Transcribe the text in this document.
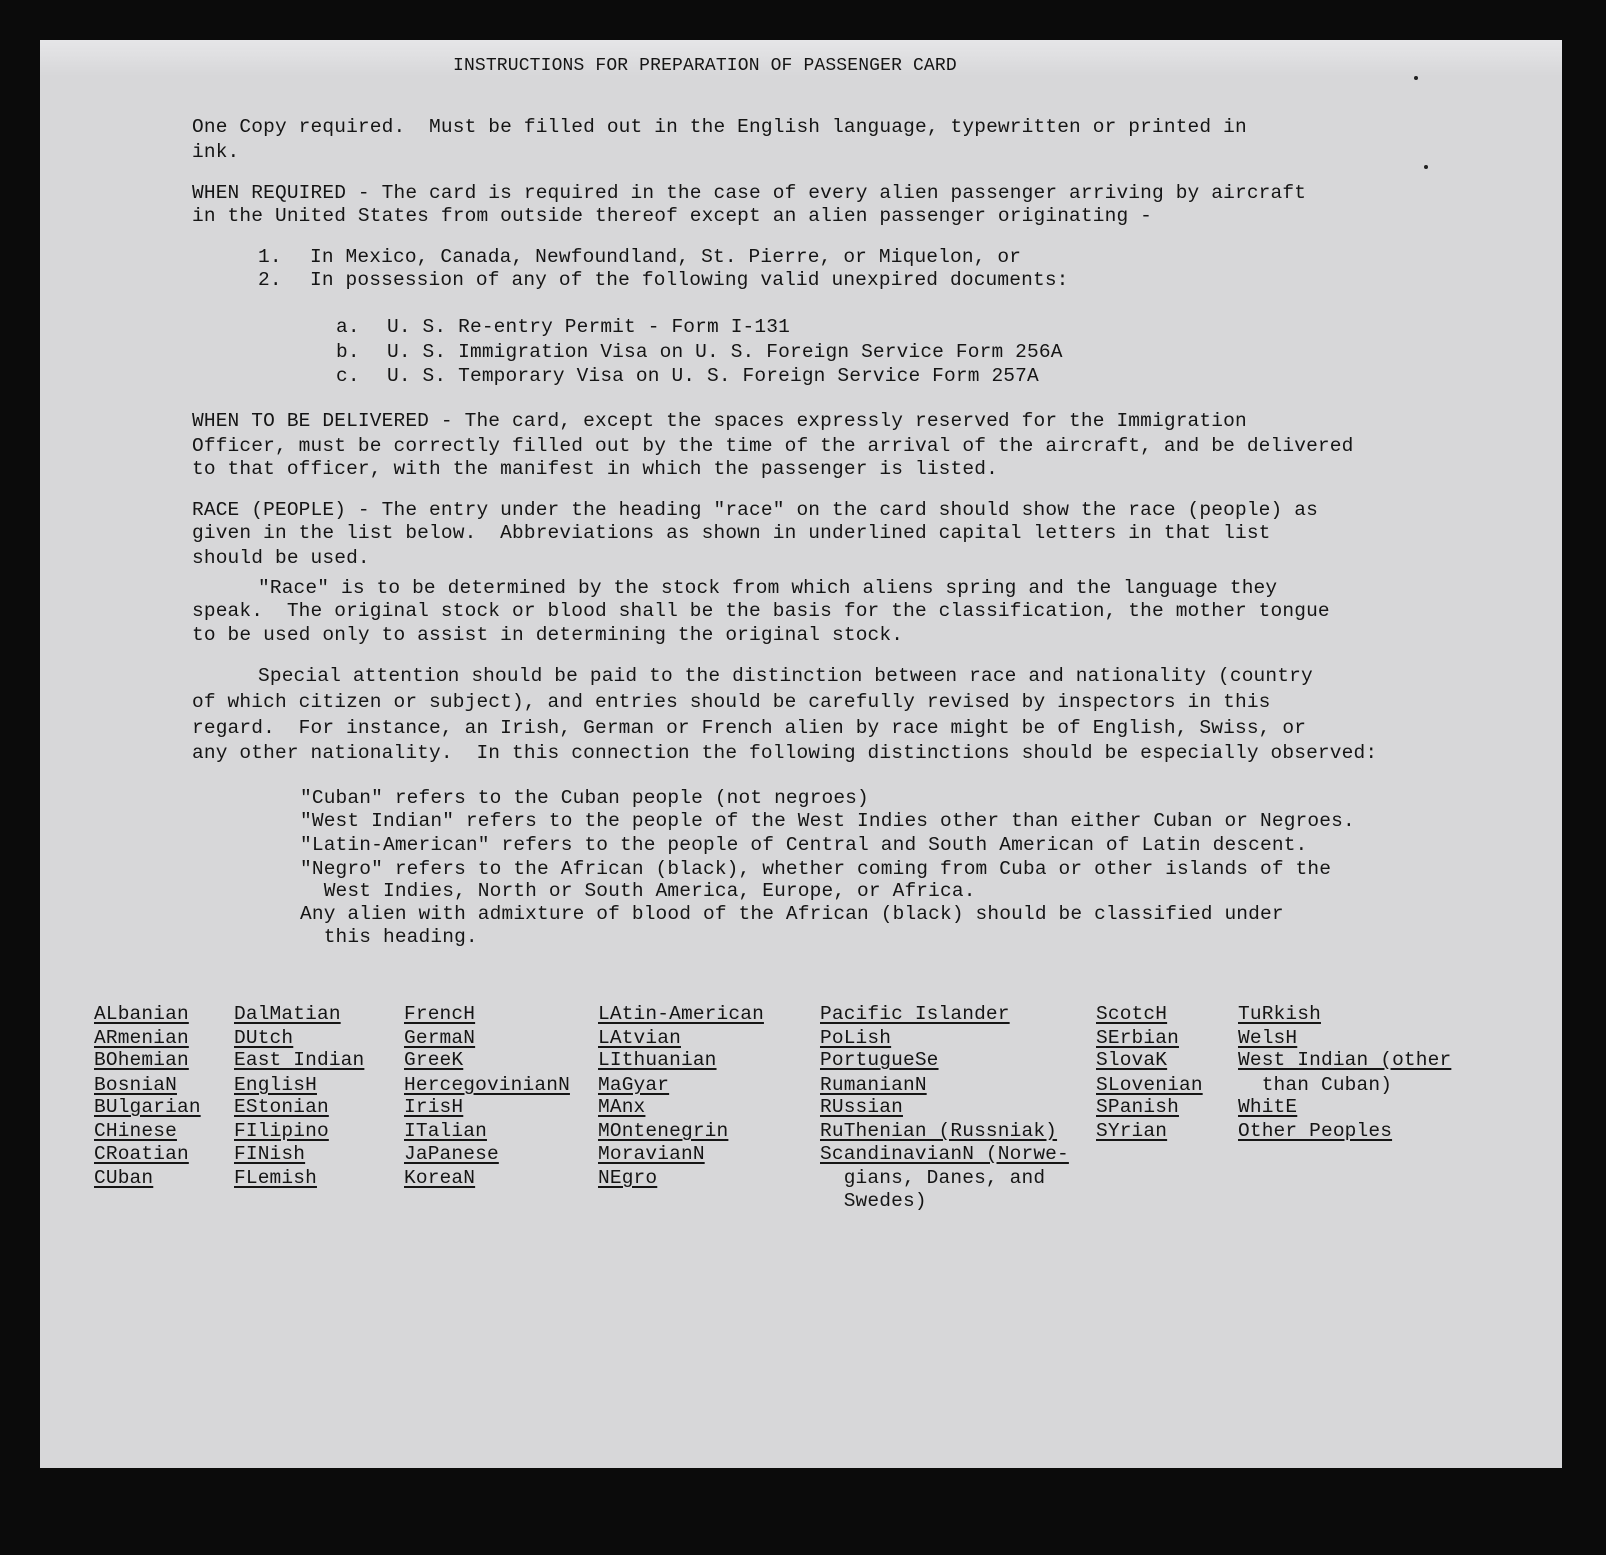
INSTRUCTIONS FOR PREPARATION OF PASSENGER CARD
One Copy required.  Must be filled out in the English language, typewritten or printed in
ink.
WHEN REQUIRED - The card is required in the case of every alien passenger arriving by aircraft
in the United States from outside thereof except an alien passenger originating -
1. In Mexico, Canada, Newfoundland, St. Pierre, or Miquelon, or
2. In possession of any of the following valid unexpired documents:
a. U. S. Re-entry Permit - Form I-131
b. U. S. Immigration Visa on U. S. Foreign Service Form 256A
c. U. S. Temporary Visa on U. S. Foreign Service Form 257A
WHEN TO BE DELIVERED - The card, except the spaces expressly reserved for the Immigration
Officer, must be correctly filled out by the time of the arrival of the aircraft, and be delivered
to that officer, with the manifest in which the passenger is listed.
RACE (PEOPLE) - The entry under the heading "race" on the card should show the race (people) as
given in the list below.  Abbreviations as shown in underlined capital letters in that list
should be used.
"Race" is to be determined by the stock from which aliens spring and the language they
speak.  The original stock or blood shall be the basis for the classification, the mother tongue
to be used only to assist in determining the original stock.
Special attention should be paid to the distinction between race and nationality (country
of which citizen or subject), and entries should be carefully revised by inspectors in this
regard.  For instance, an Irish, German or French alien by race might be of English, Swiss, or
any other nationality.  In this connection the following distinctions should be especially observed:
"Cuban" refers to the Cuban people (not negroes)
"West Indian" refers to the people of the West Indies other than either Cuban or Negroes.
"Latin-American" refers to the people of Central and South American of Latin descent.
"Negro" refers to the African (black), whether coming from Cuba or other islands of the
West Indies, North or South America, Europe, or Africa.
Any alien with admixture of blood of the African (black) should be classified under
this heading.
ALbanian
ARmenian
BOhemian
BosniaN
BUlgarian
CHinese
CRoatian
CUban
DalMatian
DUtch
East Indian
EnglisH
EStonian
FIlipino
FINish
FLemish
FrencH
GermaN
GreeK
HercegovinianN
IrisH
ITalian
JaPanese
KoreaN
LAtin-American
LAtvian
LIthuanian
MaGyar
MAnx
MOntenegrin
MoravianN
NEgro
Pacific Islander
PoLish
PortugueSe
RumanianN
RUssian
RuThenian (Russniak)
ScandinavianN (Norwe-
gians, Danes, and
Swedes)
ScotcH
SErbian
SlovaK
SLovenian
SPanish
SYrian
TuRkish
WelsH
West Indian (other
than Cuban)
WhitE
Other Peoples
